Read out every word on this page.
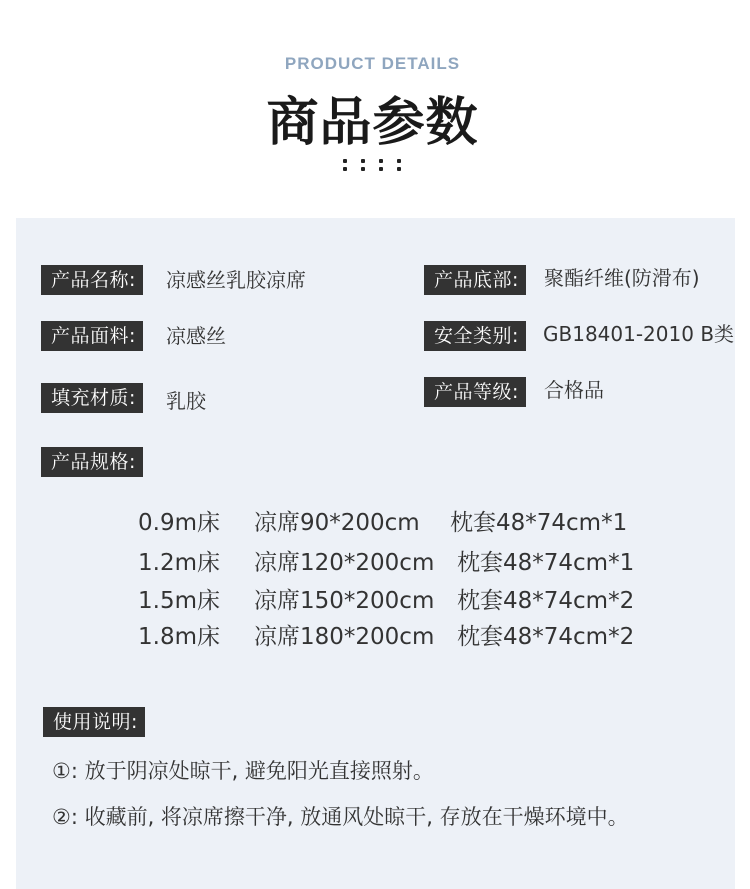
PRODUCT DETAILS
商品参数
产品名称:	凉感丝乳胶凉席
产品面料:	凉感丝
填充材质:	乳胶
产品底部:	聚酯纤维(防滑布)
安全类别:	GB18401-2010 B类
产品等级:	合格品
产品规格:
0.9m床 凉席90*200cm 枕套48*74cm*1
1.2m床 凉席120*200cm 枕套48*74cm*1
1.5m床 凉席150*200cm 枕套48*74cm*2
1.8m床 凉席180*200cm 枕套48*74cm*2
使用说明:
①: 放于阴凉处晾干, 避免阳光直接照射。
②: 收藏前, 将凉席擦干净, 放通风处晾干, 存放在干燥环境中。
